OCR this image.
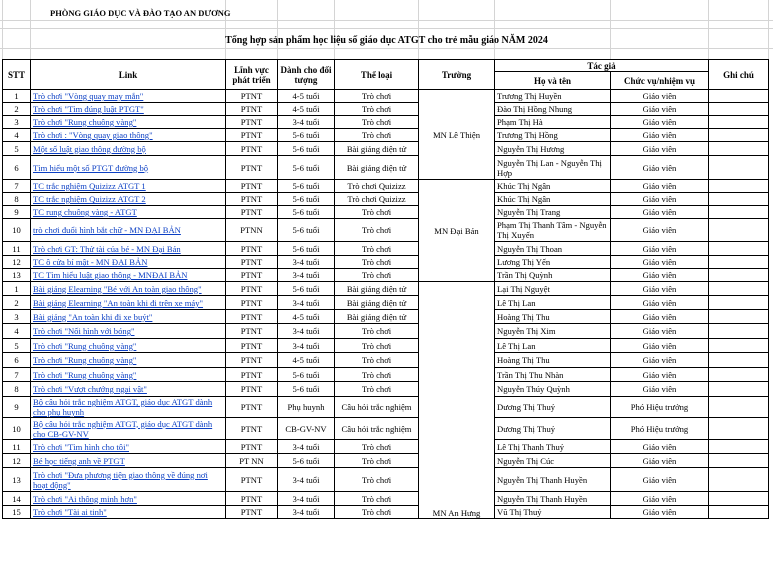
PHÒNG GIÁO DỤC VÀ ĐÀO TẠO AN DƯƠNG
Tổng hợp sản phẩm học liệu số giáo dục ATGT cho trẻ mẫu giáo NĂM 2024
STT	Link	Lĩnh vực phát triển	Dành cho đối tượng	Thể loại	Trường	Tác giả		Ghi chú
						Họ và tên	Chức vụ/nhiệm vụ	
1	Trò chơi "Vòng quay may mắn"	PTNT	4-5 tuổi	Trò chơi	MN Lê Thiện	Trương Thị Huyền	Giáo viên	
2	Trò chơi "Tìm đúng luật PTGT"	PTNT	4-5 tuổi	Trò chơi		Đào Thị Hồng Nhung	Giáo viên	
3	Trò chơi "Rung chuông vàng"	PTNT	3-4 tuổi	Trò chơi		Phạm Thị Hà	Giáo viên	
4	Trò chơi : "Vòng quay giao thông"	PTNT	5-6 tuổi	Trò chơi		Trương Thị Hồng	Giáo viên	
5	Một số luật giao thông đường bộ	PTNT	5-6 tuổi	Bài giảng điện tử		Nguyễn Thị Hương	Giáo viên	
6	Tìm hiểu một số PTGT đường bộ	PTNT	5-6 tuổi	Bài giảng điện tử		Nguyễn Thị Lan - Nguyễn Thị Hợp	Giáo viên	
7	TC trắc nghiệm Quizizz ATGT 1	PTNT	5-6 tuổi	Trò chơi Quizizz	MN Đại Bản	Khúc Thị Ngân	Giáo viên	
8	TC trắc nghiệm Quizizz ATGT 2	PTNT	5-6 tuổi	Trò chơi Quizizz		Khúc Thị Ngân	Giáo viên	
9	TC rung chuông vàng - ATGT	PTNT	5-6 tuổi	Trò chơi		Nguyễn Thị Trang	Giáo viên	
10	trò chơi đuổi hình bắt chữ - MN ĐẠI BẢN	PTNN	5-6 tuổi	Trò chơi		Phạm Thị Thanh Tâm - Nguyễn Thị Xuyến	Giáo viên	
11	Trò chơi GT: Thử tài của bé - MN Đại Bản	PTNT	5-6 tuổi	Trò chơi		Nguyễn Thị Thoan	Giáo viên	
12	TC ô cửa bí mật - MN ĐẠI BẢN	PTNT	3-4 tuổi	Trò chơi		Lương Thị Yến	Giáo viên	
13	TC Tìm hiểu luật giao thông - MNĐẠI BẢN	PTNT	3-4 tuổi	Trò chơi		Trần Thị Quỳnh	Giáo viên	
1	Bài giảng Elearning "Bé với An toàn giao thông"	PTNT	5-6 tuổi	Bài giảng điện tử	MN An Hưng	Lại Thị Nguyệt	Giáo viên	
2	Bài giảng Elearning "An toàn khi đi trên xe máy"	PTNT	3-4 tuổi	Bài giảng điện tử		Lê Thị Lan	Giáo viên	
3	Bài giảng "An toàn khi đi xe buýt"	PTNT	4-5 tuổi	Bài giảng điện tử		Hoàng Thị Thu	Giáo viên	
4	Trò chơi "Nối hình với bóng"	PTNT	3-4 tuổi	Trò chơi		Nguyễn Thị Xim	Giáo viên	
5	Trò chơi "Rung chuông vàng"	PTNT	3-4 tuổi	Trò chơi		Lê Thị Lan	Giáo viên	
6	Trò chơi "Rung chuông vàng"	PTNT	4-5 tuổi	Trò chơi		Hoàng Thị Thu	Giáo viên	
7	Trò chơi "Rung chuông vàng"	PTNT	5-6 tuổi	Trò chơi		Trần Thị Thu Nhàn	Giáo viên	
8	Trò chơi "Vượt chướng ngại vật"	PTNT	5-6 tuổi	Trò chơi		Nguyễn Thúy Quỳnh	Giáo viên	
9	Bộ câu hỏi trắc nghiệm ATGT, giáo dục ATGT dành cho phụ huynh	PTNT	Phụ huynh	Câu hỏi trắc nghiệm		Dương Thị Thuỷ	Phó Hiệu trưởng	
10	Bộ câu hỏi trắc nghiệm ATGT, giáo dục ATGT dành cho CB-GV-NV	PTNT	CB-GV-NV	Câu hỏi trắc nghiệm		Dương Thị Thuỷ	Phó Hiệu trưởng	
11	Trò chơi "Tìm hình cho tôi"	PTNT	3-4 tuổi	Trò chơi		Lê Thị Thanh Thuỷ	Giáo viên	
12	Bé học tiếng anh về PTGT	PT NN	5-6 tuổi	Trò chơi		Nguyễn Thị Cúc	Giáo viên	
13	Trò chơi "Đưa phương tiện giao thông về đúng nơi hoạt động"	PTNT	3-4 tuổi	Trò chơi		Nguyễn Thị Thanh Huyền	Giáo viên	
14	Trò chơi "Ai thông minh hơn"	PTNT	3-4 tuổi	Trò chơi		Nguyễn Thị Thanh Huyền	Giáo viên	
15	Trò chơi "Tài ai tinh"	PTNT	3-4 tuổi	Trò chơi		Vũ Thị Thuỷ	Giáo viên	
